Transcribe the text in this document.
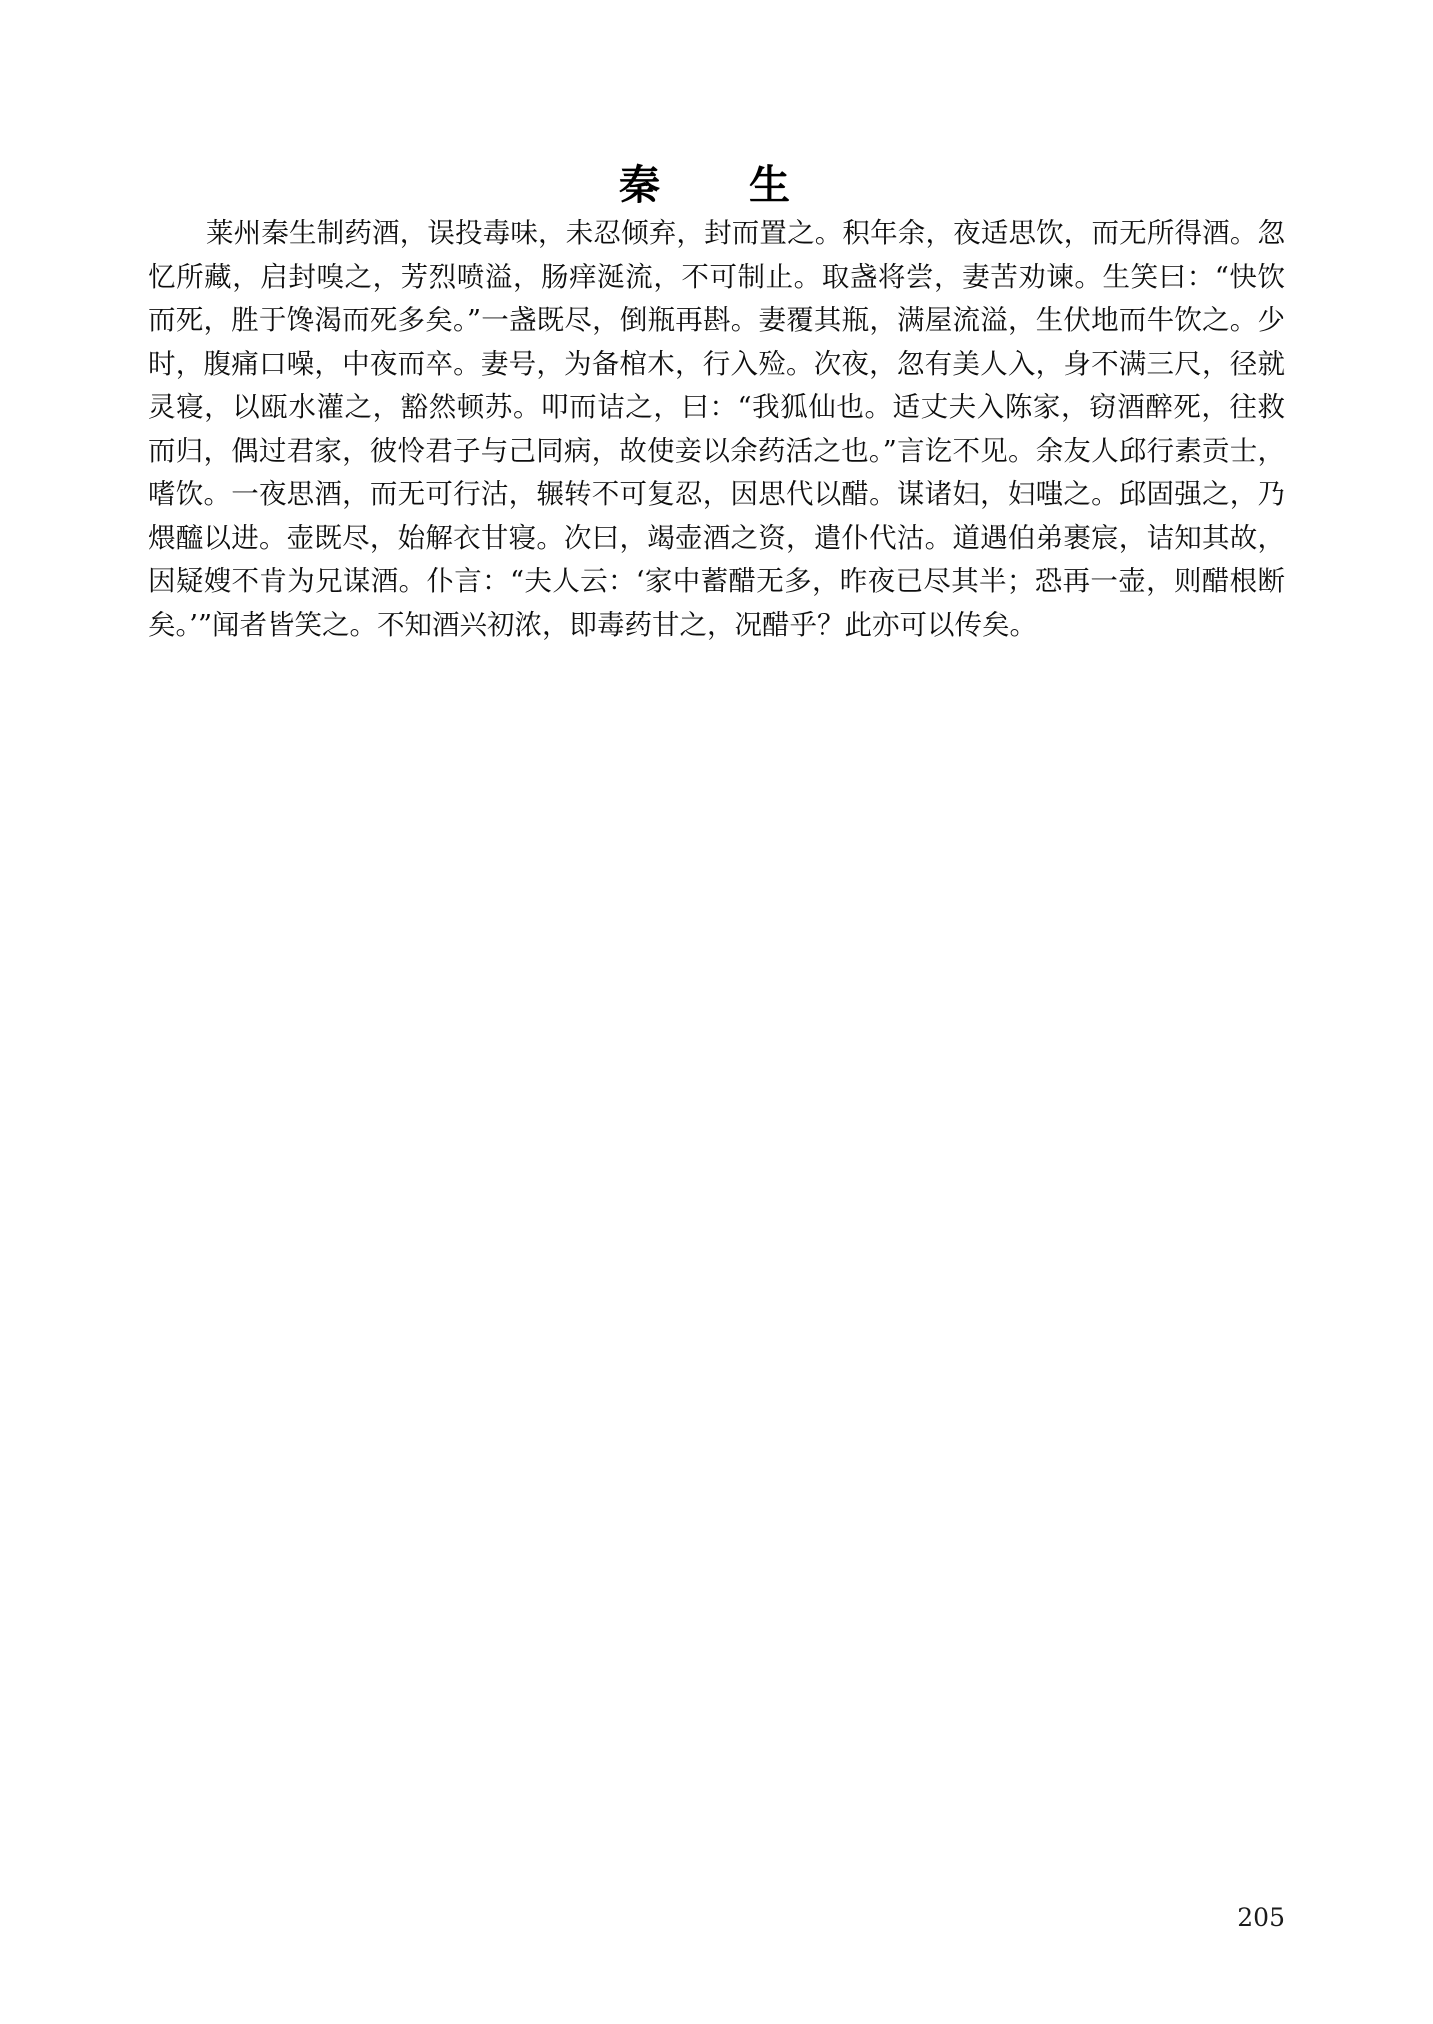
秦　生
莱州秦生制药酒，误投毒味，未忍倾弃，封而置之。积年余，夜适思饮，而无所得酒。忽忆所藏，启封嗅之，芳烈喷溢，肠痒涎流，不可制止。取盏将尝，妻苦劝谏。生笑曰：“快饮而死，胜于馋渴而死多矣。”一盏既尽，倒瓶再斟。妻覆其瓶，满屋流溢，生伏地而牛饮之。少时，腹痛口噪，中夜而卒。妻号，为备棺木，行入殓。次夜，忽有美人入，身不满三尺，径就灵寝，以瓯水灌之，豁然顿苏。叩而诘之，曰：“我狐仙也。适丈夫入陈家，窃酒醉死，往救而归，偶过君家，彼怜君子与己同病，故使妾以余药活之也。”言讫不见。余友人邱行素贡士，嗜饮。一夜思酒，而无可行沽，辗转不可复忍，因思代以醋。谋诸妇，妇嗤之。邱固强之，乃煨醯以进。壶既尽，始解衣甘寝。次曰，竭壶酒之资，遣仆代沽。道遇伯弟裹宸，诘知其故，因疑嫂不肯为兄谋酒。仆言：“夫人云：‘家中蓄醋无多，昨夜已尽其半；恐再一壶，则醋根断矣。’”闻者皆笑之。不知酒兴初浓，即毒药甘之，况醋乎？此亦可以传矣。
205
